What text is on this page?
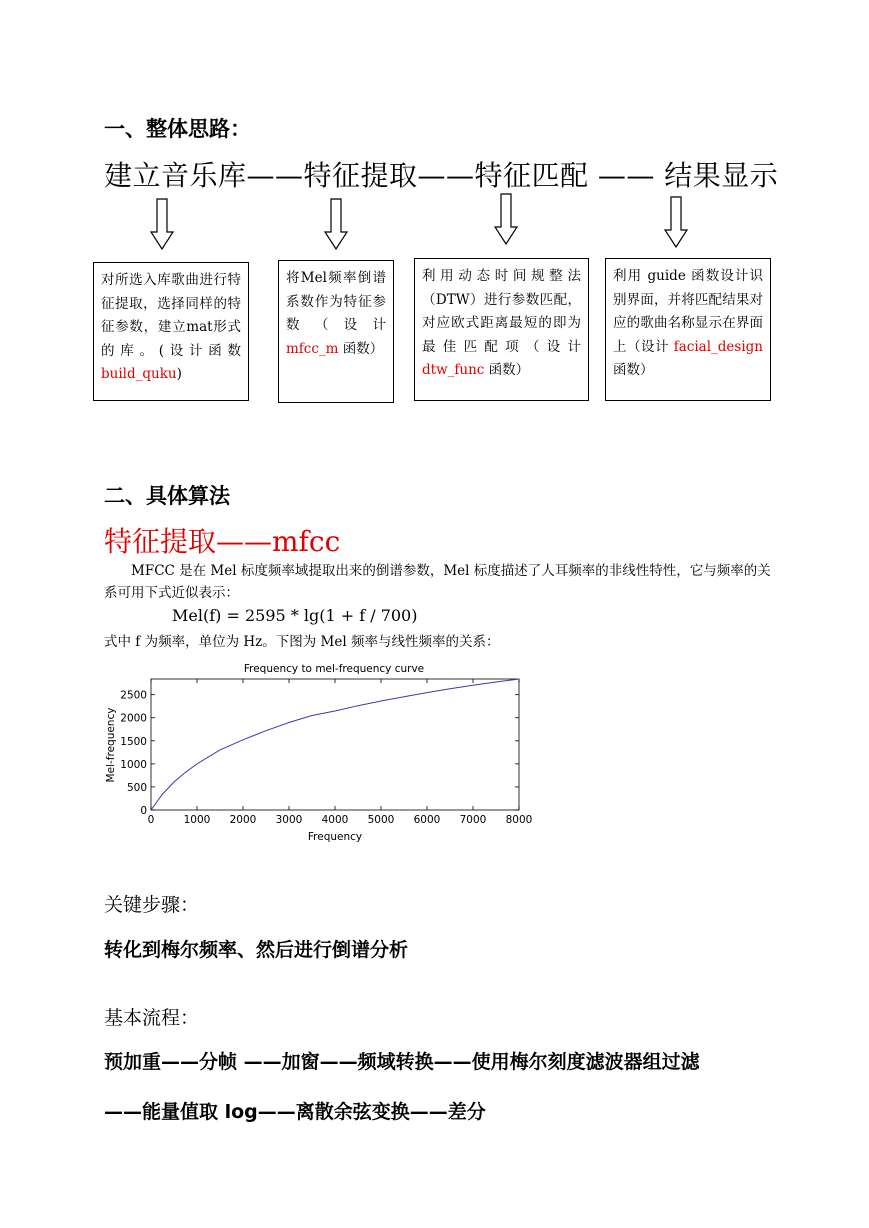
一、整体思路：
建立音乐库——特征提取——特征匹配 —— 结果显示
对所选入库歌曲进行特征提取，选择同样的特征参数，建立mat形式的库。(设计函数 build_quku)
将Mel频率倒谱系数作为特征参数（设计 mfcc_m 函数）
利用动态时间规整法（DTW）进行参数匹配，对应欧式距离最短的即为最佳匹配项（设计 dtw_func 函数）
利用 guide 函数设计识别界面，并将匹配结果对应的歌曲名称显示在界面上（设计 facial_design 函数）
二、具体算法
特征提取——mfcc
MFCC 是在 Mel 标度频率域提取出来的倒谱参数，Mel 标度描述了人耳频率的非线性特性，它与频率的关系可用下式近似表示：
Mel(f) = 2595 * lg(1 + f / 700)
式中 f 为频率，单位为 Hz。下图为 Mel 频率与线性频率的关系：
Frequency to mel-frequency curve
0	1000 2000 3000 4000 5000 6000 7000 8000
0
500
1000
1500
2000
2500
Frequency
Mel-frequency
关键步骤：
转化到梅尔频率、然后进行倒谱分析
基本流程：
预加重——分帧 ——加窗——频域转换——使用梅尔刻度滤波器组过滤
——能量值取 log——离散余弦变换——差分
